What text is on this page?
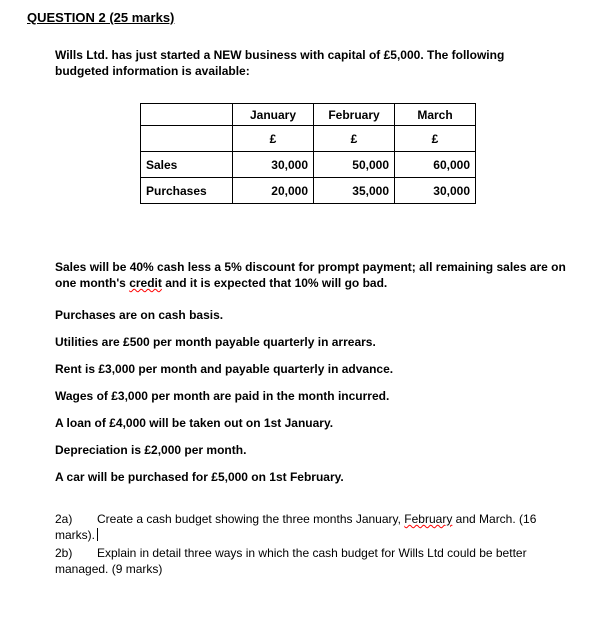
QUESTION 2 (25 marks)

Wills Ltd. has just started a NEW business with capital of £5,000. The following budgeted information is available:

	January	February	March
	£	£	£
Sales	30,000	50,000	60,000
Purchases	20,000	35,000	30,000

Sales will be 40% cash less a 5% discount for prompt payment; all remaining sales are on one month's credit and it is expected that 10% will go bad.

Purchases are on cash basis.

Utilities are £500 per month payable quarterly in arrears.

Rent is £3,000 per month and payable quarterly in advance.

Wages of £3,000 per month are paid in the month incurred.

A loan of £4,000 will be taken out on 1st January.

Depreciation is £2,000 per month.

A car will be purchased for £5,000 on 1st February.

2a) Create a cash budget showing the three months January, February and March. (16 marks).

2b) Explain in detail three ways in which the cash budget for Wills Ltd could be better managed. (9 marks)
